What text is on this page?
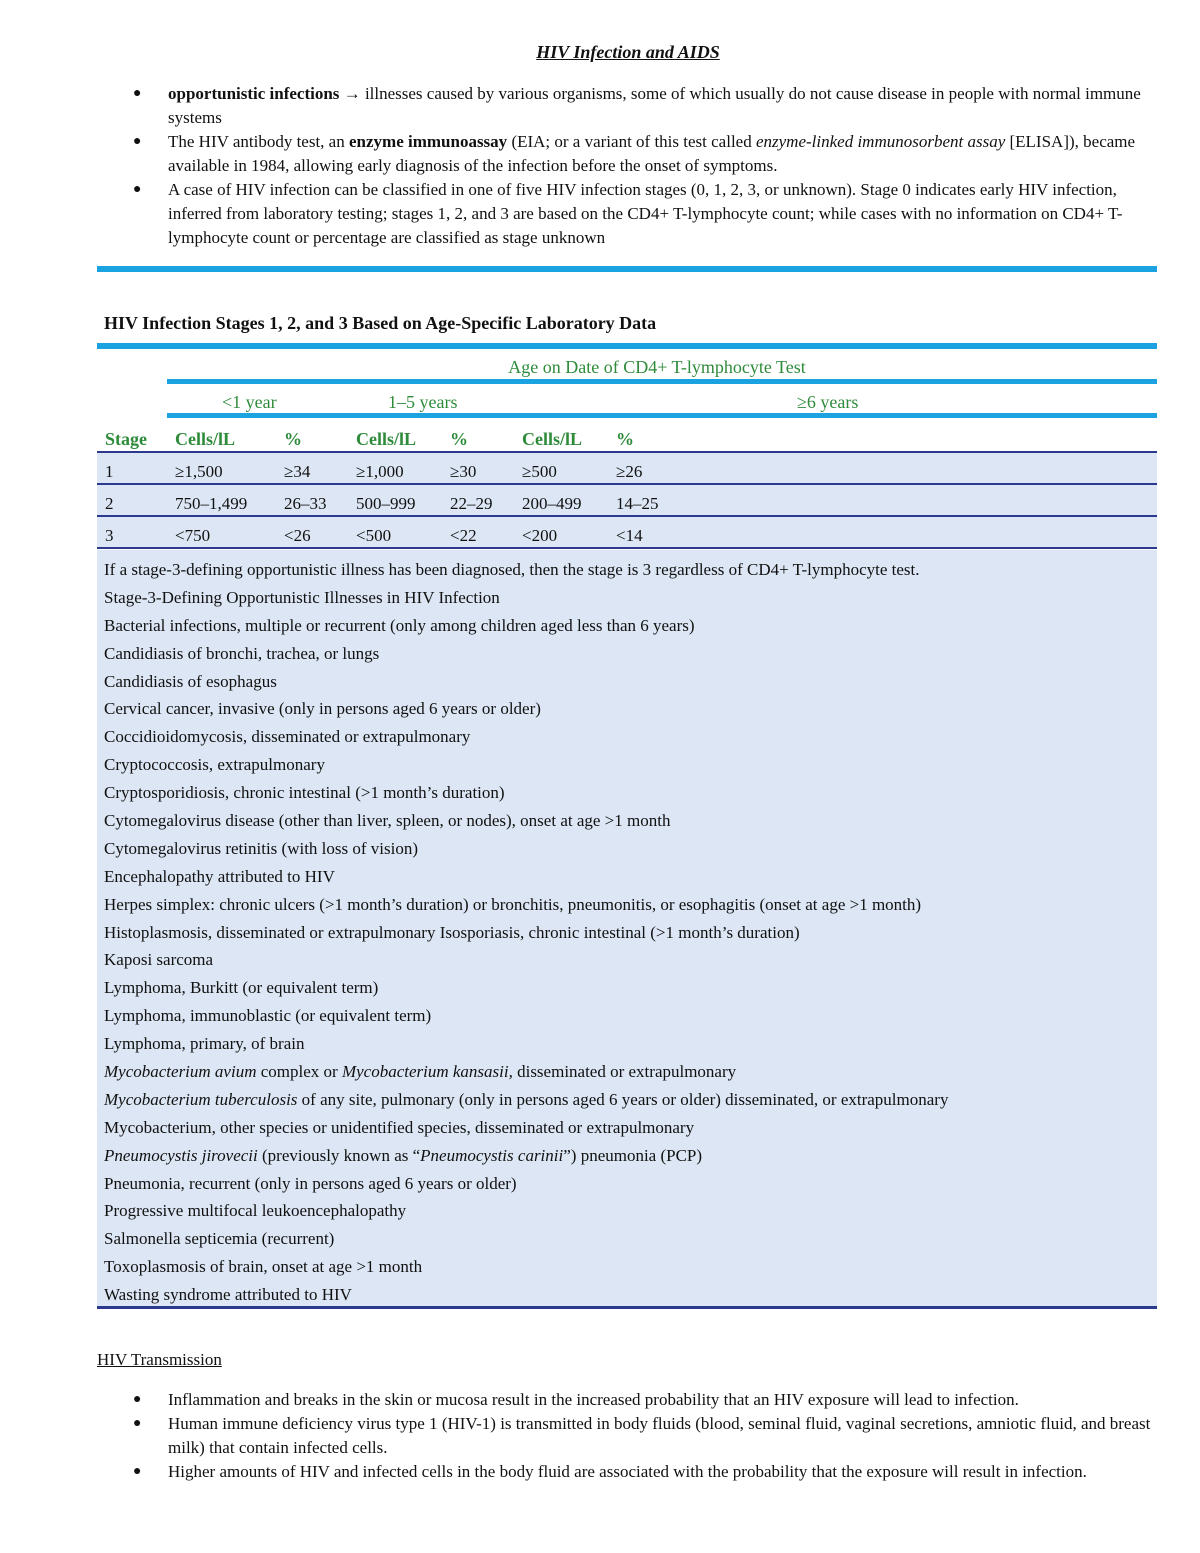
HIV Infection and AIDS
● opportunistic infections → illnesses caused by various organisms, some of which usually do not cause disease in people with normal immune systems
● The HIV antibody test, an enzyme immunoassay (EIA; or a variant of this test called enzyme-linked immunosorbent assay [ELISA]), became available in 1984, allowing early diagnosis of the infection before the onset of symptoms.
● A case of HIV infection can be classified in one of five HIV infection stages (0, 1, 2, 3, or unknown). Stage 0 indicates early HIV infection, inferred from laboratory testing; stages 1, 2, and 3 are based on the CD4+ T-lymphocyte count; while cases with no information on CD4+ T-lymphocyte count or percentage are classified as stage unknown
HIV Infection Stages 1, 2, and 3 Based on Age-Specific Laboratory Data
Age on Date of CD4+ T-lymphocyte Test
<1 year	1–5 years	≥6 years
Stage Cells/lL	%	Cells/lL %	Cells/lL %
1	≥1,500	≥34	≥1,000	≥30	≥500	≥26
2	750–1,499 26–33 500–999 22–29 200–499 14–25
3	<750	<26	<500	<22	<200	<14
If a stage-3-defining opportunistic illness has been diagnosed, then the stage is 3 regardless of CD4+ T-lymphocyte test.
Stage-3-Defining Opportunistic Illnesses in HIV Infection
Bacterial infections, multiple or recurrent (only among children aged less than 6 years)
Candidiasis of bronchi, trachea, or lungs
Candidiasis of esophagus
Cervical cancer, invasive (only in persons aged 6 years or older)
Coccidioidomycosis, disseminated or extrapulmonary
Cryptococcosis, extrapulmonary
Cryptosporidiosis, chronic intestinal (>1 month’s duration)
Cytomegalovirus disease (other than liver, spleen, or nodes), onset at age >1 month
Cytomegalovirus retinitis (with loss of vision)
Encephalopathy attributed to HIV
Herpes simplex: chronic ulcers (>1 month’s duration) or bronchitis, pneumonitis, or esophagitis (onset at age >1 month)
Histoplasmosis, disseminated or extrapulmonary Isosporiasis, chronic intestinal (>1 month’s duration)
Kaposi sarcoma
Lymphoma, Burkitt (or equivalent term)
Lymphoma, immunoblastic (or equivalent term)
Lymphoma, primary, of brain
Mycobacterium avium complex or Mycobacterium kansasii, disseminated or extrapulmonary
Mycobacterium tuberculosis of any site, pulmonary (only in persons aged 6 years or older) disseminated, or extrapulmonary
Mycobacterium, other species or unidentified species, disseminated or extrapulmonary
Pneumocystis jirovecii (previously known as “Pneumocystis carinii”) pneumonia (PCP)
Pneumonia, recurrent (only in persons aged 6 years or older)
Progressive multifocal leukoencephalopathy
Salmonella septicemia (recurrent)
Toxoplasmosis of brain, onset at age >1 month
Wasting syndrome attributed to HIV
HIV Transmission
● Inflammation and breaks in the skin or mucosa result in the increased probability that an HIV exposure will lead to infection.
● Human immune deficiency virus type 1 (HIV-1) is transmitted in body fluids (blood, seminal fluid, vaginal secretions, amniotic fluid, and breast milk) that contain infected cells.
● Higher amounts of HIV and infected cells in the body fluid are associated with the probability that the exposure will result in infection.
